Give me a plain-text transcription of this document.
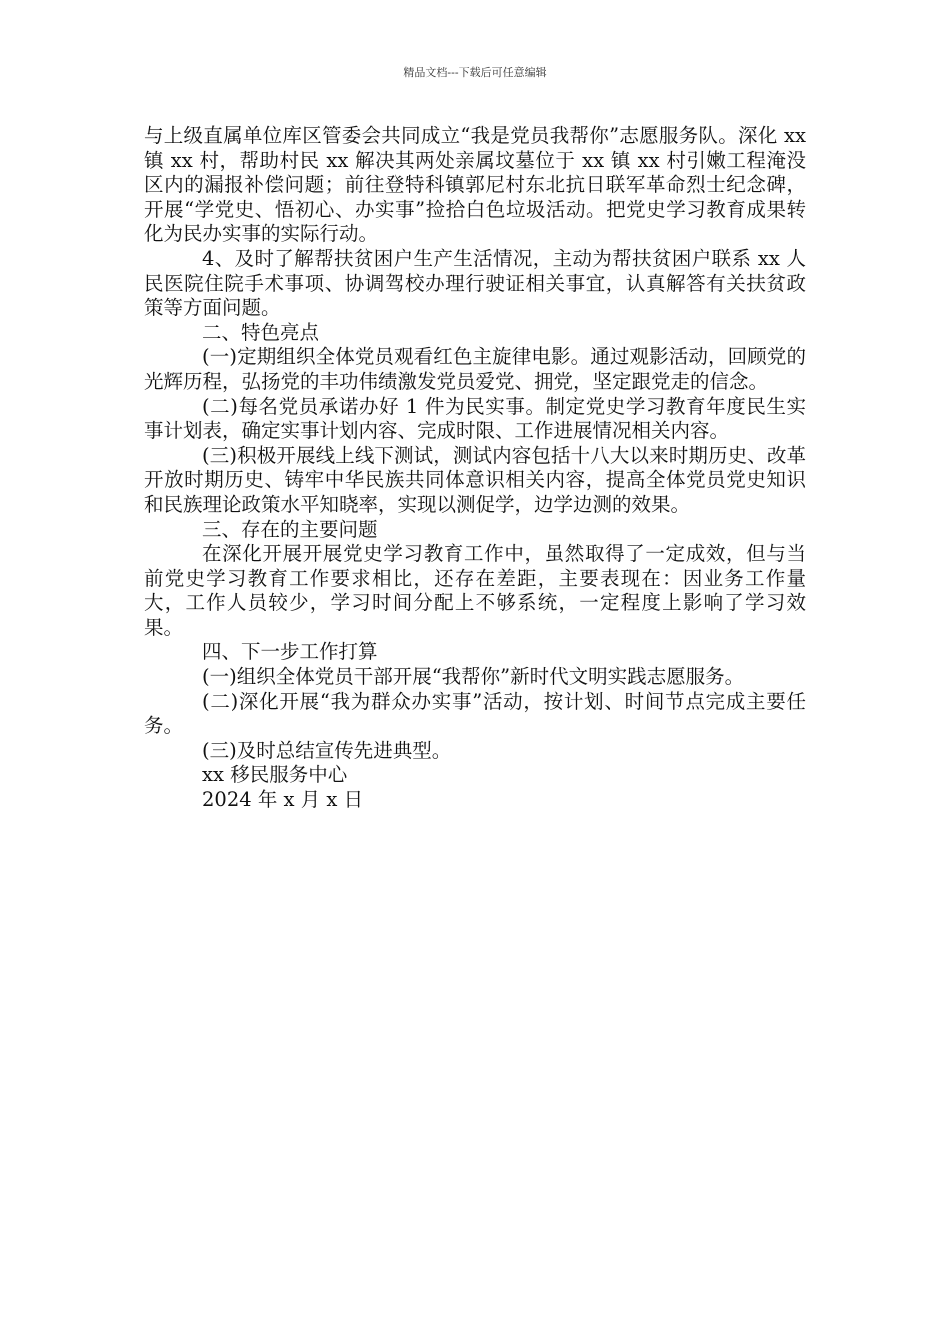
精品文档---下载后可任意编辑

与上级直属单位库区管委会共同成立“我是党员我帮你”志愿服务队。深化 xx 镇 xx 村，帮助村民 xx 解决其两处亲属坟墓位于 xx 镇 xx 村引嫩工程淹没区内的漏报补偿问题；前往登特科镇郭尼村东北抗日联军革命烈士纪念碑，开展“学党史、悟初心、办实事”捡拾白色垃圾活动。把党史学习教育成果转化为民办实事的实际行动。

4、及时了解帮扶贫困户生产生活情况，主动为帮扶贫困户联系 xx 人民医院住院手术事项、协调驾校办理行驶证相关事宜，认真解答有关扶贫政策等方面问题。

二、特色亮点

(一)定期组织全体党员观看红色主旋律电影。通过观影活动，回顾党的光辉历程，弘扬党的丰功伟绩激发党员爱党、拥党，坚定跟党走的信念。

(二)每名党员承诺办好 1 件为民实事。制定党史学习教育年度民生实事计划表，确定实事计划内容、完成时限、工作进展情况相关内容。

(三)积极开展线上线下测试，测试内容包括十八大以来时期历史、改革开放时期历史、铸牢中华民族共同体意识相关内容，提高全体党员党史知识和民族理论政策水平知晓率，实现以测促学，边学边测的效果。

三、存在的主要问题

在深化开展开展党史学习教育工作中，虽然取得了一定成效，但与当前党史学习教育工作要求相比，还存在差距，主要表现在：因业务工作量大，工作人员较少，学习时间分配上不够系统，一定程度上影响了学习效果。

四、下一步工作打算

(一)组织全体党员干部开展“我帮你”新时代文明实践志愿服务。

(二)深化开展“我为群众办实事”活动，按计划、时间节点完成主要任务。

(三)及时总结宣传先进典型。

xx 移民服务中心

2024 年 x 月 x 日
